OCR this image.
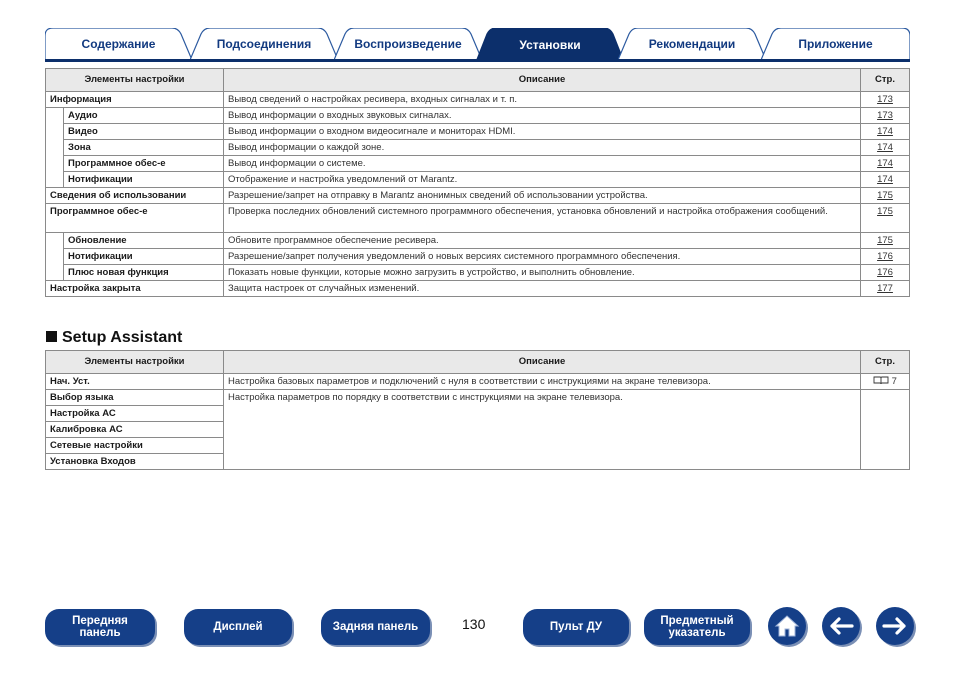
Содержание	Подсоединения	Воспроизведение	Установки	Рекомендации	Приложение
Элементы настройки		Описание	Стр.
Информация		Вывод сведений о настройках ресивера, входных сигналах и т. п.	173
	Аудио	Вывод информации о входных звуковых сигналах.	173
	Видео	Вывод информации о входном видеосигнале и мониторах HDMI.	174
	Зона	Вывод информации о каждой зоне.	174
	Программное обес-е	Вывод информации о системе.	174
	Нотификации	Отображение и настройка уведомлений от Marantz.	174
Сведения об использовании		Разрешение/запрет на отправку в Marantz анонимных сведений об использовании устройства.	175
Программное обес-е		Проверка последних обновлений системного программного обеспечения, установка обновлений и настройка отображения сообщений.	175
	Обновление	Обновите программное обеспечение ресивера.	175
	Нотификации	Разрешение/запрет получения уведомлений о новых версиях системного программного обеспечения.	176
	Плюс новая функция	Показать новые функции, которые можно загрузить в устройство, и выполнить обновление.	176
Настройка закрыта		Защита настроек от случайных изменений.	177
Setup Assistant
Элементы настройки	Описание	Стр.
Нач. Уст.	Настройка базовых параметров и подключений с нуля в соответствии с инструкциями на экране телевизора.	7
Выбор языка	Настройка параметров по порядку в соответствии с инструкциями на экране телевизора.	
Настройка АС		
Калибровка АС		
Сетевые настройки		
Установка Входов		
Передняя
панель	Дисплей	Задняя панель	130	Пульт ДУ	Предметный
указатель
